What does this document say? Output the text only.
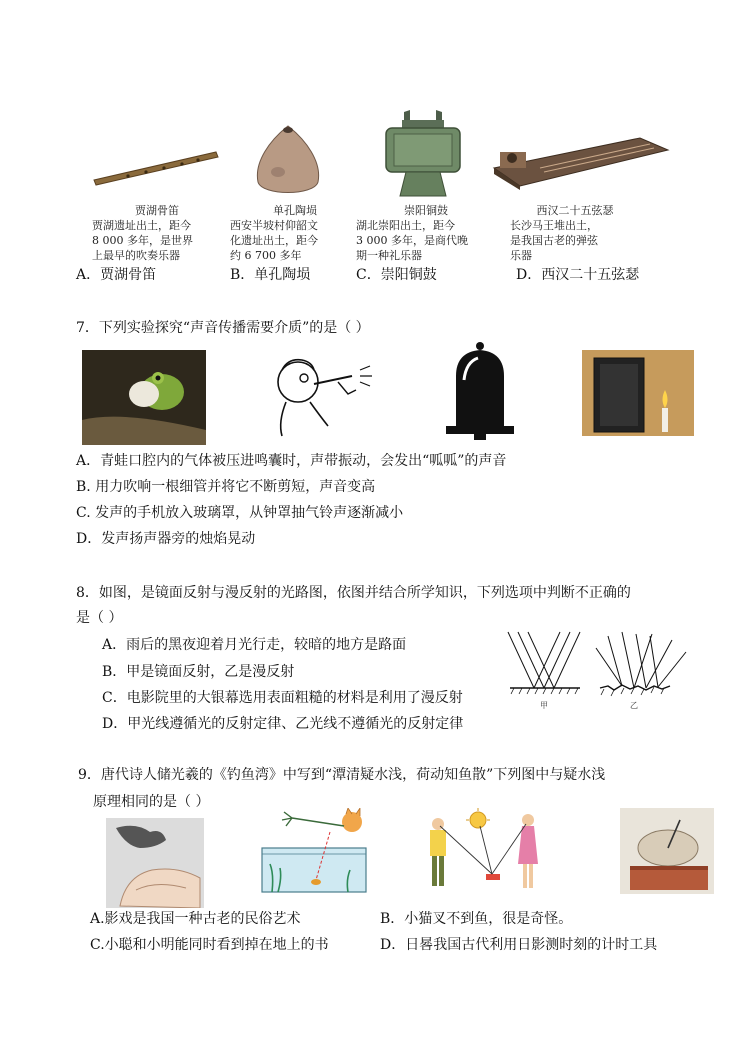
贾湖骨笛
贾湖遗址出土，距今
8 000 多年，是世界
上最早的吹奏乐器
单孔陶埙
西安半坡村仰韶文
化遗址出土，距今
约 6 700 多年
崇阳铜鼓
湖北崇阳出土，距今
3 000 多年，是商代晚
期一种礼乐器
西汉二十五弦瑟
长沙马王堆出土，
是我国古老的弹弦
乐器
A．贾湖骨笛	B．单孔陶埙	C．崇阳铜鼓	D．西汉二十五弦瑟
7．下列实验探究“声音传播需要介质”的是（ ）
A．青蛙口腔内的气体被压进鸣囊时，声带振动，会发出“呱呱”的声音
B. 用力吹响一根细管并将它不断剪短，声音变高
C. 发声的手机放入玻璃罩，从钟罩抽气铃声逐渐减小
D．发声扬声器旁的烛焰晃动
8．如图，是镜面反射与漫反射的光路图，依图并结合所学知识，下列选项中判断不正确的
是（ ）
A．雨后的黑夜迎着月光行走，较暗的地方是路面
B．甲是镜面反射，乙是漫反射
C．电影院里的大银幕选用表面粗糙的材料是利用了漫反射
D．甲光线遵循光的反射定律、乙光线不遵循光的反射定律
甲	乙
9．唐代诗人储光羲的《钓鱼湾》中写到“潭清疑水浅，荷动知鱼散”下列图中与疑水浅
原理相同的是（ ）
A.影戏是我国一种古老的民俗艺术	B．小猫叉不到鱼，很是奇怪。
C.小聪和小明能同时看到掉在地上的书	D．日晷我国古代利用日影测时刻的计时工具
